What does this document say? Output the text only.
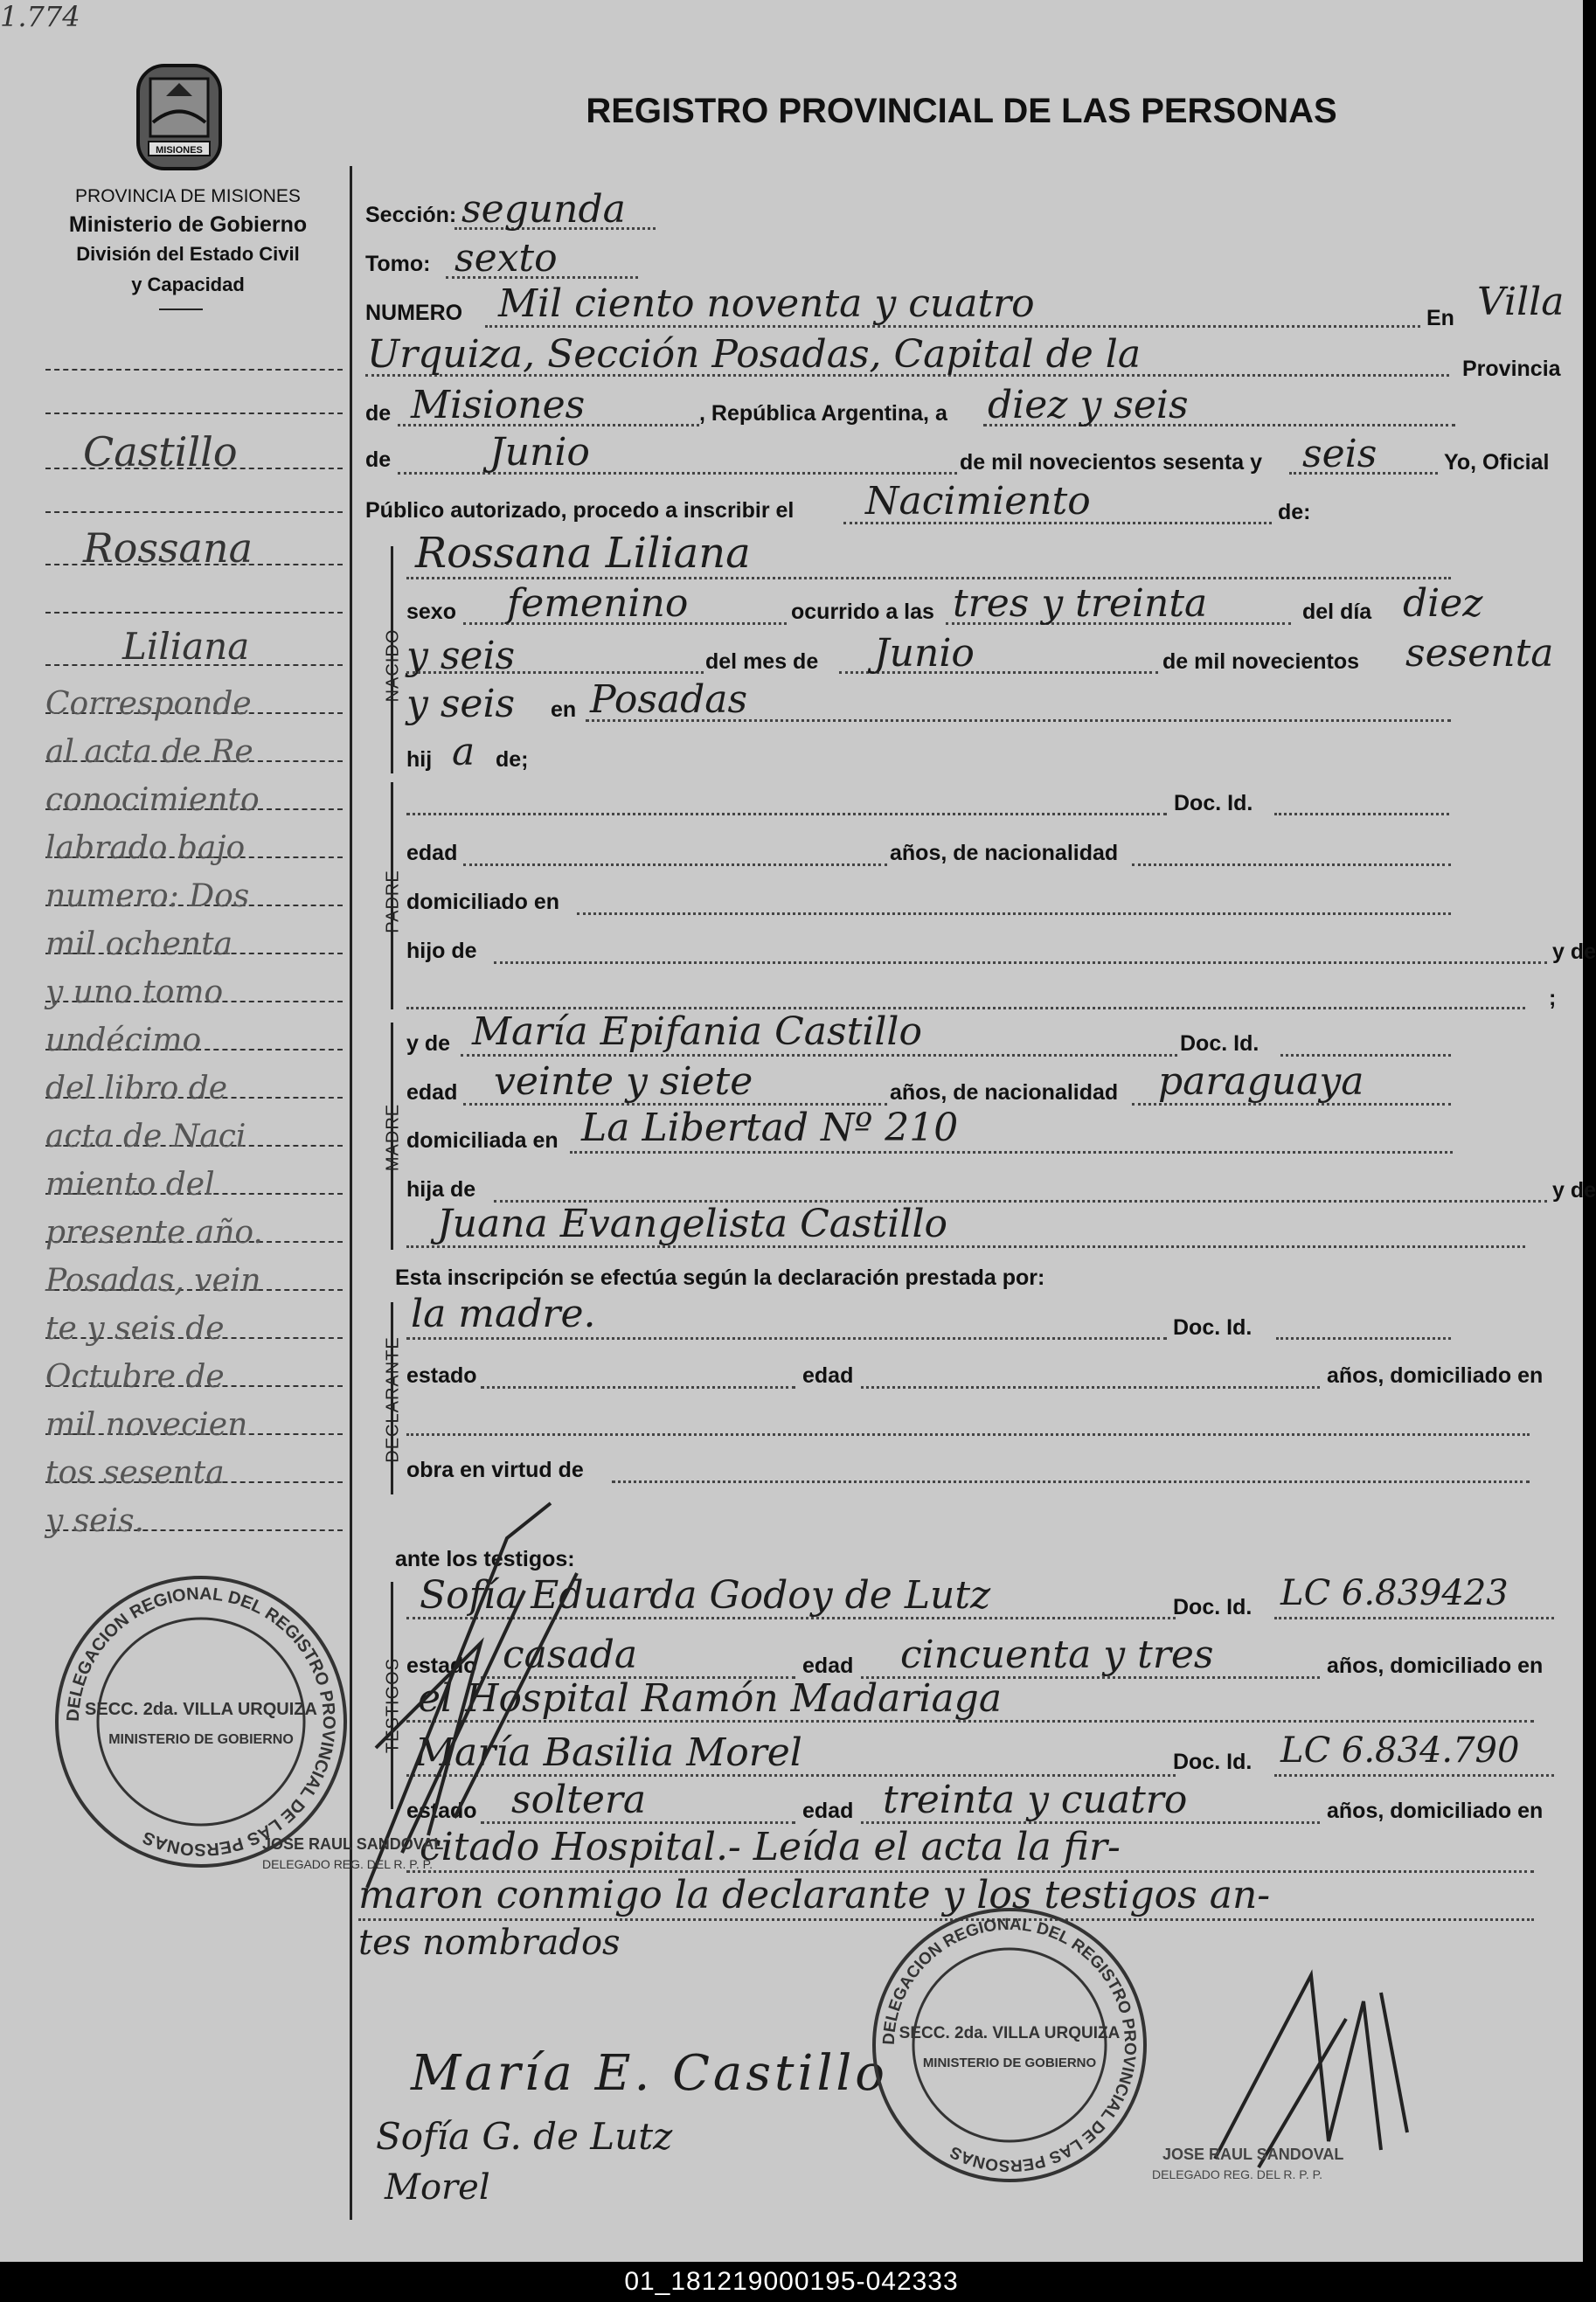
1.774
MISIONES
PROVINCIA DE MISIONES
Ministerio de Gobierno
División del Estado Civil
y Capacidad
REGISTRO PROVINCIAL DE LAS PERSONAS
Castillo
Rossana
Liliana
Corresponde
al acta de Re
conocimiento
labrado bajo
numero: Dos
mil ochenta
y uno tomo
undécimo
del libro de
acta de Naci
miento del
presente año.
Posadas, vein
te y seis de
Octubre de
mil novecien
tos sesenta
y seis.
Sección: segunda
Tomo: sexto
NUMERO Mil ciento noventa y cuatro	En Villa
Urquiza, Sección Posadas, Capital de la	Provincia
de Misiones	, República Argentina, a diez y seis
de	Junio	de mil novecientos sesenta y seis	Yo, Oficial
Público autorizado, procedo a inscribir el Nacimiento	de:
NACIDO
Rossana Liliana
sexo femenino	ocurrido a las tres y treinta	del día diez
y seis	del mes de Junio	de mil novecientos sesenta
y seis en Posadas
hij a de;
PADRE
Doc. Id.
edad	años, de nacionalidad
domiciliado en
hijo de	y de
;
MADRE
y de María Epifania Castillo	Doc. Id.
edad veinte y siete	años, de nacionalidad paraguaya
domiciliada en La Libertad Nº 210
hija de	y de
Juana Evangelista Castillo
Esta inscripción se efectúa según la declaración prestada por:
DECLARANTE
la madre.	Doc. Id.
estado	edad	años, domiciliado en
obra en virtud de
ante los testigos:
TESTIGOS
Sofía Eduarda Godoy de Lutz	Doc. Id. LC 6.839423
estado casada	edad cincuenta y tres	años, domiciliado en
el Hospital Ramón Madariaga
María Basilia Morel	Doc. Id. LC 6.834.790
estado soltera	edad treinta y cuatro	años, domiciliado en
citado Hospital.- Leída el acta la fir-
maron conmigo la declarante y los testigos an-
tes nombrados
María E. Castillo
Sofía G. de Lutz
Morel
DELEGACION REGIONAL DEL REGISTRO PROVINCIAL DE LAS PERSONAS
SECC. 2da. VILLA URQUIZA
MINISTERIO DE GOBIERNO
JOSE RAUL SANDOVAL
DELEGADO REG. DEL R. P. P.
DELEGACION REGIONAL DEL REGISTRO PROVINCIAL DE LAS PERSONAS
SECC. 2da. VILLA URQUIZA
MINISTERIO DE GOBIERNO
JOSE RAUL SANDOVAL
DELEGADO REG. DEL R. P. P.
01_181219000195-042333
